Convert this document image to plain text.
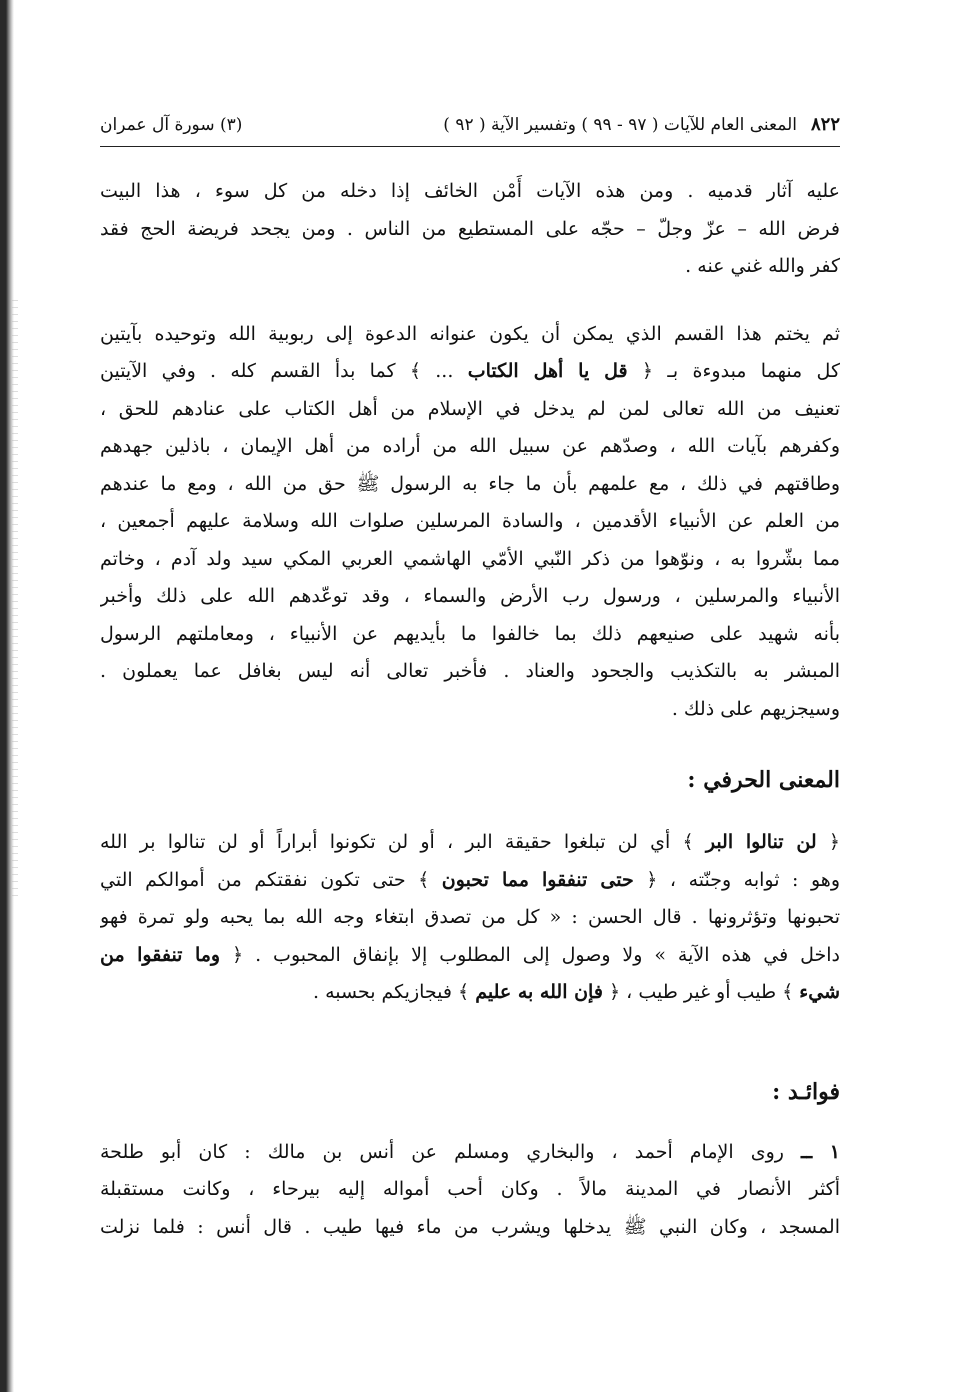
٨٢٢
المعنى العام للآيات ( ٩٧ - ٩٩ ) وتفسير الآية ( ٩٢ )
(٣) سورة آل عمران
عليه آثار قدميه . ومن هذه الآيات أَمْن الخائف إذا دخله من كل سوء ، هذا البيت
فرض الله – عزّ وجلّ – حجّه على المستطيع من الناس . ومن يجحد فريضة الحج فقد
كفر والله غني عنه .
ثم يختم هذا القسم الذي يمكن أن يكون عنوانه الدعوة إلى ربوبية الله وتوحيده بآيتين
كل منهما مبدوءة بـ ﴿ قل يا أهل الكتاب ... ﴾ كما بدأ القسم كله . وفي الآيتين
تعنيف من الله تعالى لمن لم يدخل في الإسلام من أهل الكتاب على عنادهم للحق ،
وكفرهم بآيات الله ، وصدّهم عن سبيل الله من أراده من أهل الإيمان ، باذلين جهدهم
وطاقتهم في ذلك ، مع علمهم بأن ما جاء به الرسول ﷺ حق من الله ، ومع ما عندهم
من العلم عن الأنبياء الأقدمين ، والسادة المرسلين صلوات الله وسلامة عليهم أجمعين ،
مما بشّروا به ، ونوّهوا من ذكر النّبي الأمّي الهاشمي العربي المكي سيد ولد آدم ، وخاتم
الأنبياء والمرسلين ، ورسول رب الأرض والسماء ، وقد توعّدهم الله على ذلك وأخبر
بأنه شهيد على صنيعهم ذلك بما خالفوا ما بأيديهم عن الأنبياء ، ومعاملتهم الرسول
المبشر به بالتكذيب والجحود والعناد . فأخبر تعالى أنه ليس بغافل عما يعملون .
وسيجزيهم على ذلك .
المعنى الحرفي :
﴿ لن تنالوا البر ﴾ أي لن تبلغوا حقيقة البر ، أو لن تكونوا أبراراً أو لن تنالوا بر الله
وهو : ثوابه وجنّته ، ﴿ حتى تنفقوا مما تحبون ﴾ حتى تكون نفقتكم من أموالكم التي
تحبونها وتؤثرونها . قال الحسن : « كل من تصدق ابتغاء وجه الله بما يحبه ولو تمرة فهو
داخل في هذه الآية » ولا وصول إلى المطلوب إلا بإنفاق المحبوب . ﴿ وما تنفقوا من
شيء ﴾ طيب أو غير طيب ، ﴿ فإن الله به عليم ﴾ فيجازيكم بحسبه .
فوائـد :
١ ــ روى الإمام أحمد ، والبخاري ومسلم عن أنس بن مالك : كان أبو طلحة
أكثر الأنصار في المدينة مالاً . وكان أحب أمواله إليه بيرحاء ، وكانت مستقبلة
المسجد ، وكان النبي ﷺ يدخلها ويشرب من ماء فيها طيب . قال أنس : فلما نزلت
